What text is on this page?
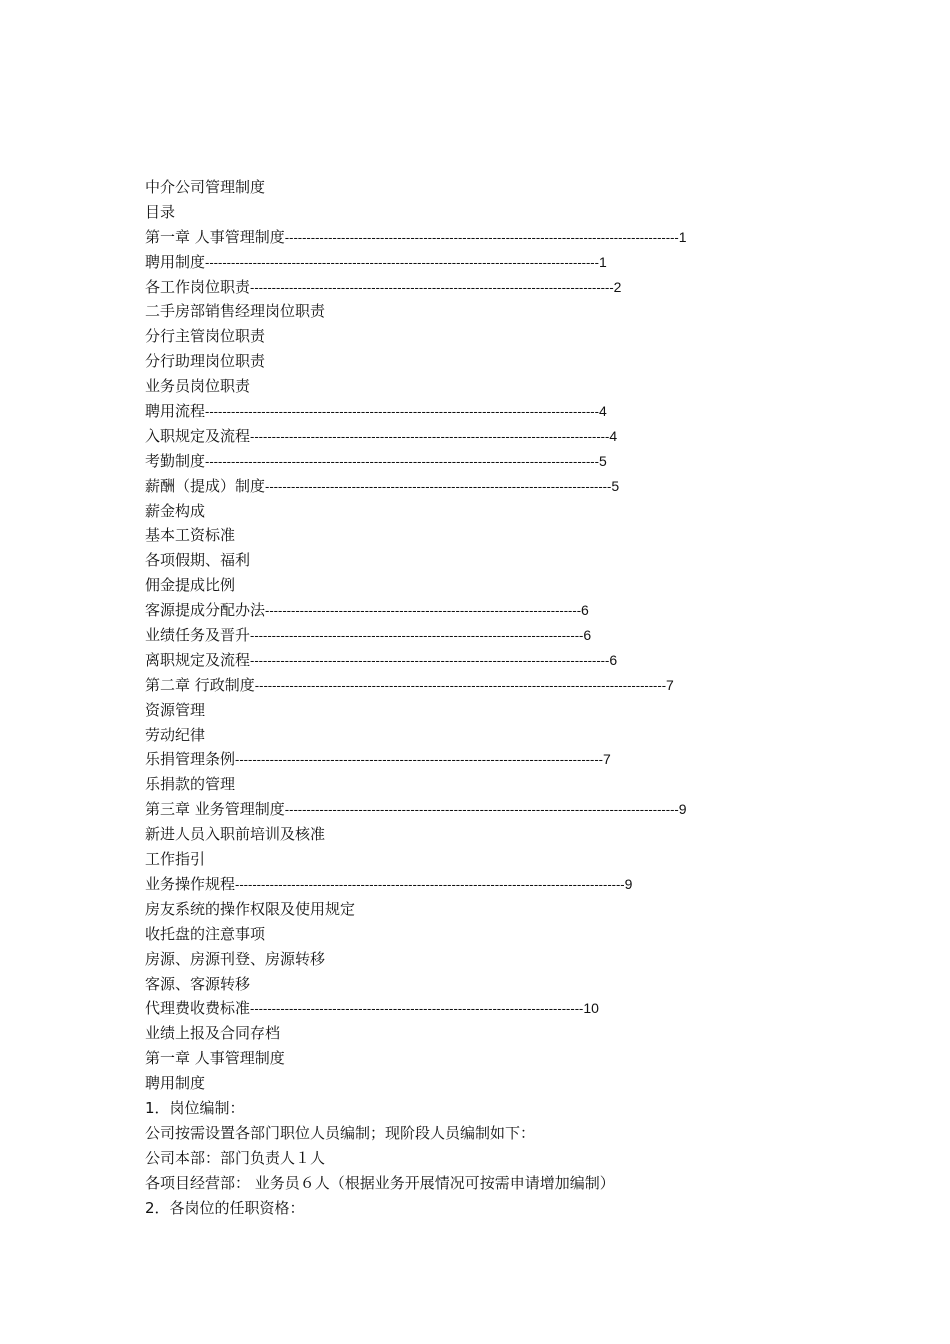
中介公司管理制度
目录
第一章 人事管理制度-------------------------------------------------------------------------------------------1
聘用制度-------------------------------------------------------------------------------------------1
各工作岗位职责------------------------------------------------------------------------------------2
二手房部销售经理岗位职责
分行主管岗位职责
分行助理岗位职责
业务员岗位职责
聘用流程-------------------------------------------------------------------------------------------4
入职规定及流程-----------------------------------------------------------------------------------4
考勤制度-------------------------------------------------------------------------------------------5
薪酬（提成）制度--------------------------------------------------------------------------------5
薪金构成
基本工资标准
各项假期、福利
佣金提成比例
客源提成分配办法-------------------------------------------------------------------------6
业绩任务及晋升-----------------------------------------------------------------------------6
离职规定及流程-----------------------------------------------------------------------------------6
第二章 行政制度-----------------------------------------------------------------------------------------------7
资源管理
劳动纪律
乐捐管理条例-------------------------------------------------------------------------------------7
乐捐款的管理
第三章 业务管理制度-------------------------------------------------------------------------------------------9
新进人员入职前培训及核准
工作指引
业务操作规程------------------------------------------------------------------------------------------9
房友系统的操作权限及使用规定
收托盘的注意事项
房源、房源刊登、房源转移
客源、客源转移
代理费收费标准-----------------------------------------------------------------------------10
业绩上报及合同存档
第一章 人事管理制度
聘用制度
1．岗位编制：
公司按需设置各部门职位人员编制；现阶段人员编制如下：
公司本部：部门负责人１人
各项目经营部： 业务员６人（根据业务开展情况可按需申请增加编制）
2．各岗位的任职资格：
